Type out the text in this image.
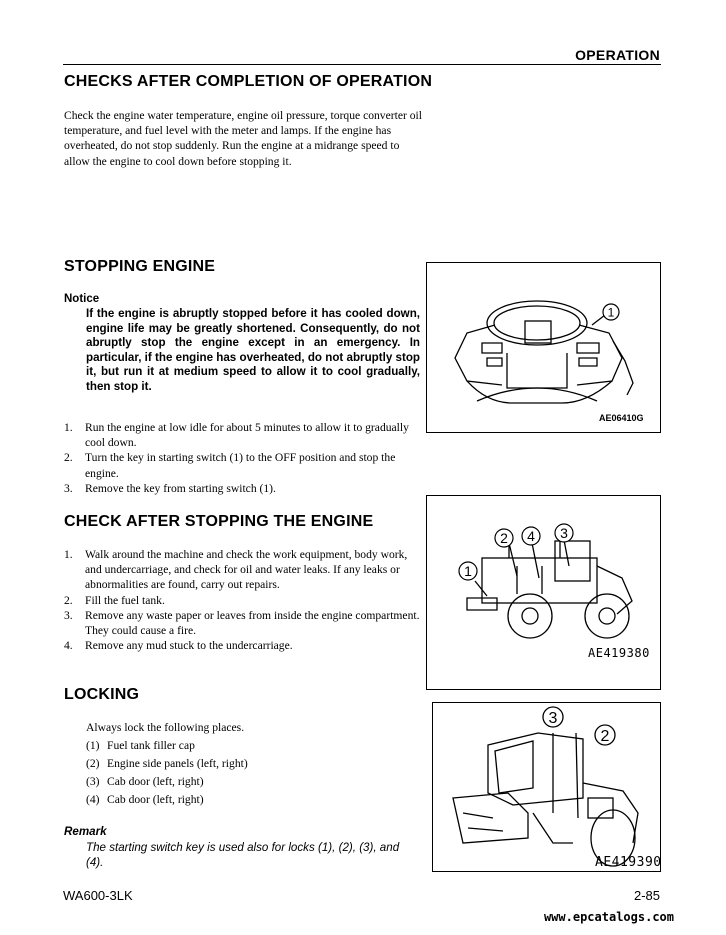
OPERATION
CHECKS AFTER COMPLETION OF OPERATION
Check the engine water temperature, engine oil pressure, torque converter oil temperature, and fuel level with the meter and lamps. If the engine has overheated, do not stop suddenly. Run the engine at a midrange speed to allow the engine to cool down before stopping it.
STOPPING ENGINE
Notice
If the engine is abruptly stopped before it has cooled down, engine life may be greatly shortened. Consequently, do not abruptly stop the engine except in an emergency. In particular, if the engine has overheated, do not abruptly stop it, but run it at medium speed to allow it to cool gradually, then stop it.
1. Run the engine at low idle for about 5 minutes to allow it to gradually cool down.
2. Turn the key in starting switch (1) to the OFF position and stop the engine.
3. Remove the key from starting switch (1).
1
AE06410G
CHECK AFTER STOPPING THE ENGINE
1. Walk around the machine and check the work equipment, body work, and undercarriage, and check for oil and water leaks. If any leaks or abnormalities are found, carry out repairs.
2. Fill the fuel tank.
3. Remove any waste paper or leaves from inside the engine compartment. They could cause a fire.
4. Remove any mud stuck to the undercarriage.
1
2 4 3
AE419380
LOCKING
Always lock the following places.
(1) Fuel tank filler cap
(2) Engine side panels (left, right)
(3) Cab door (left, right)
(4) Cab door (left, right)
Remark
The starting switch key is used also for locks (1), (2), (3), and (4).
3
2
AE419390
WA600-3LK	2-85
www.epcatalogs.com
